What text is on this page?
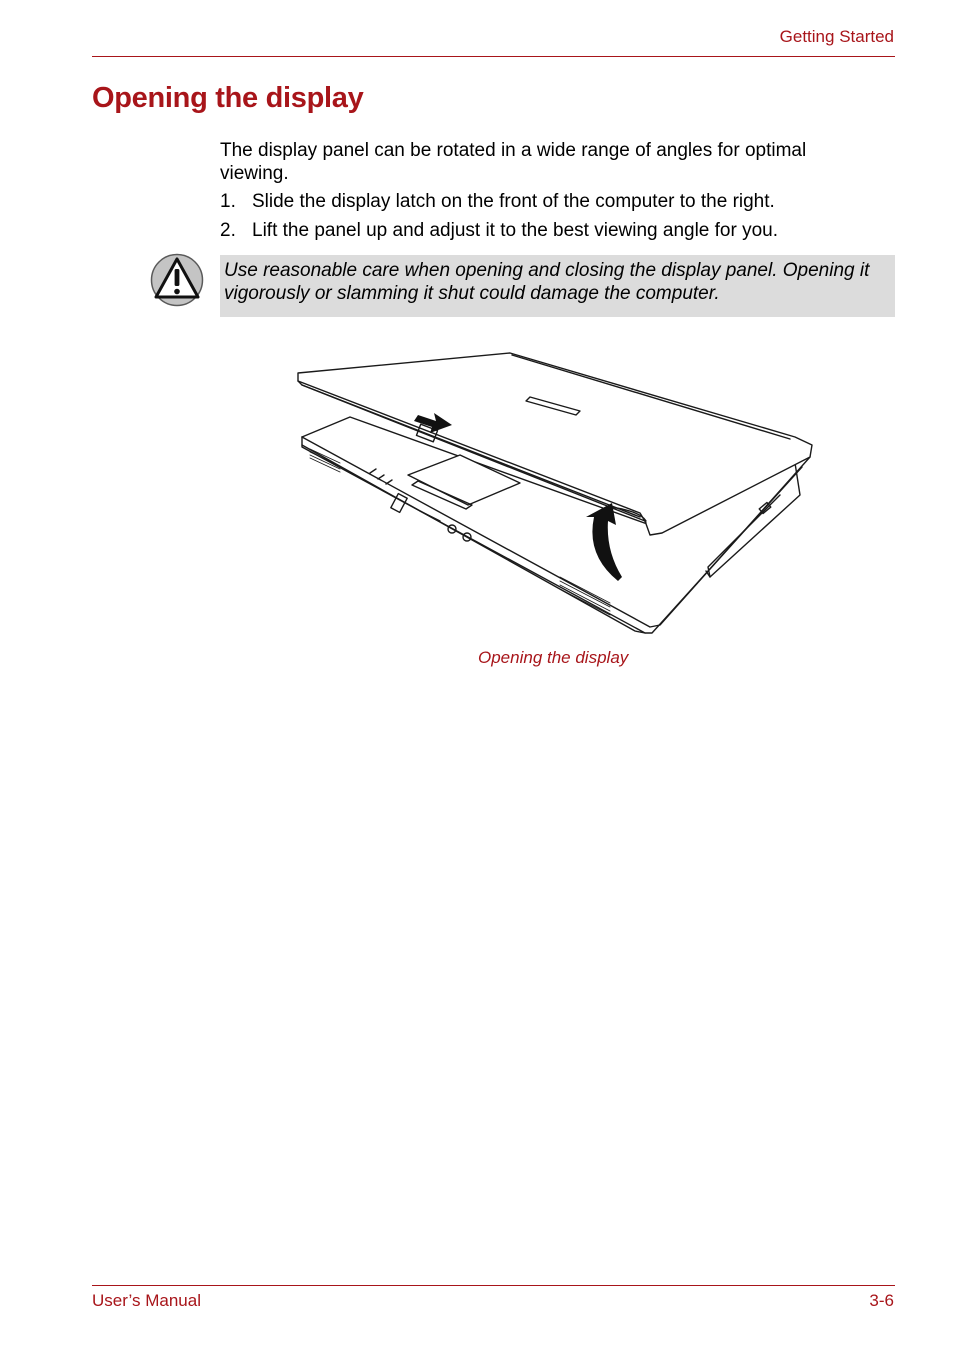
Getting Started
Opening the display

The display panel can be rotated in a wide range of angles for optimal viewing.

1. Slide the display latch on the front of the computer to the right.
2. Lift the panel up and adjust it to the best viewing angle for you.
Use reasonable care when opening and closing the display panel. Opening it vigorously or slamming it shut could damage the computer.
Opening the display
User’s Manual	3-6
